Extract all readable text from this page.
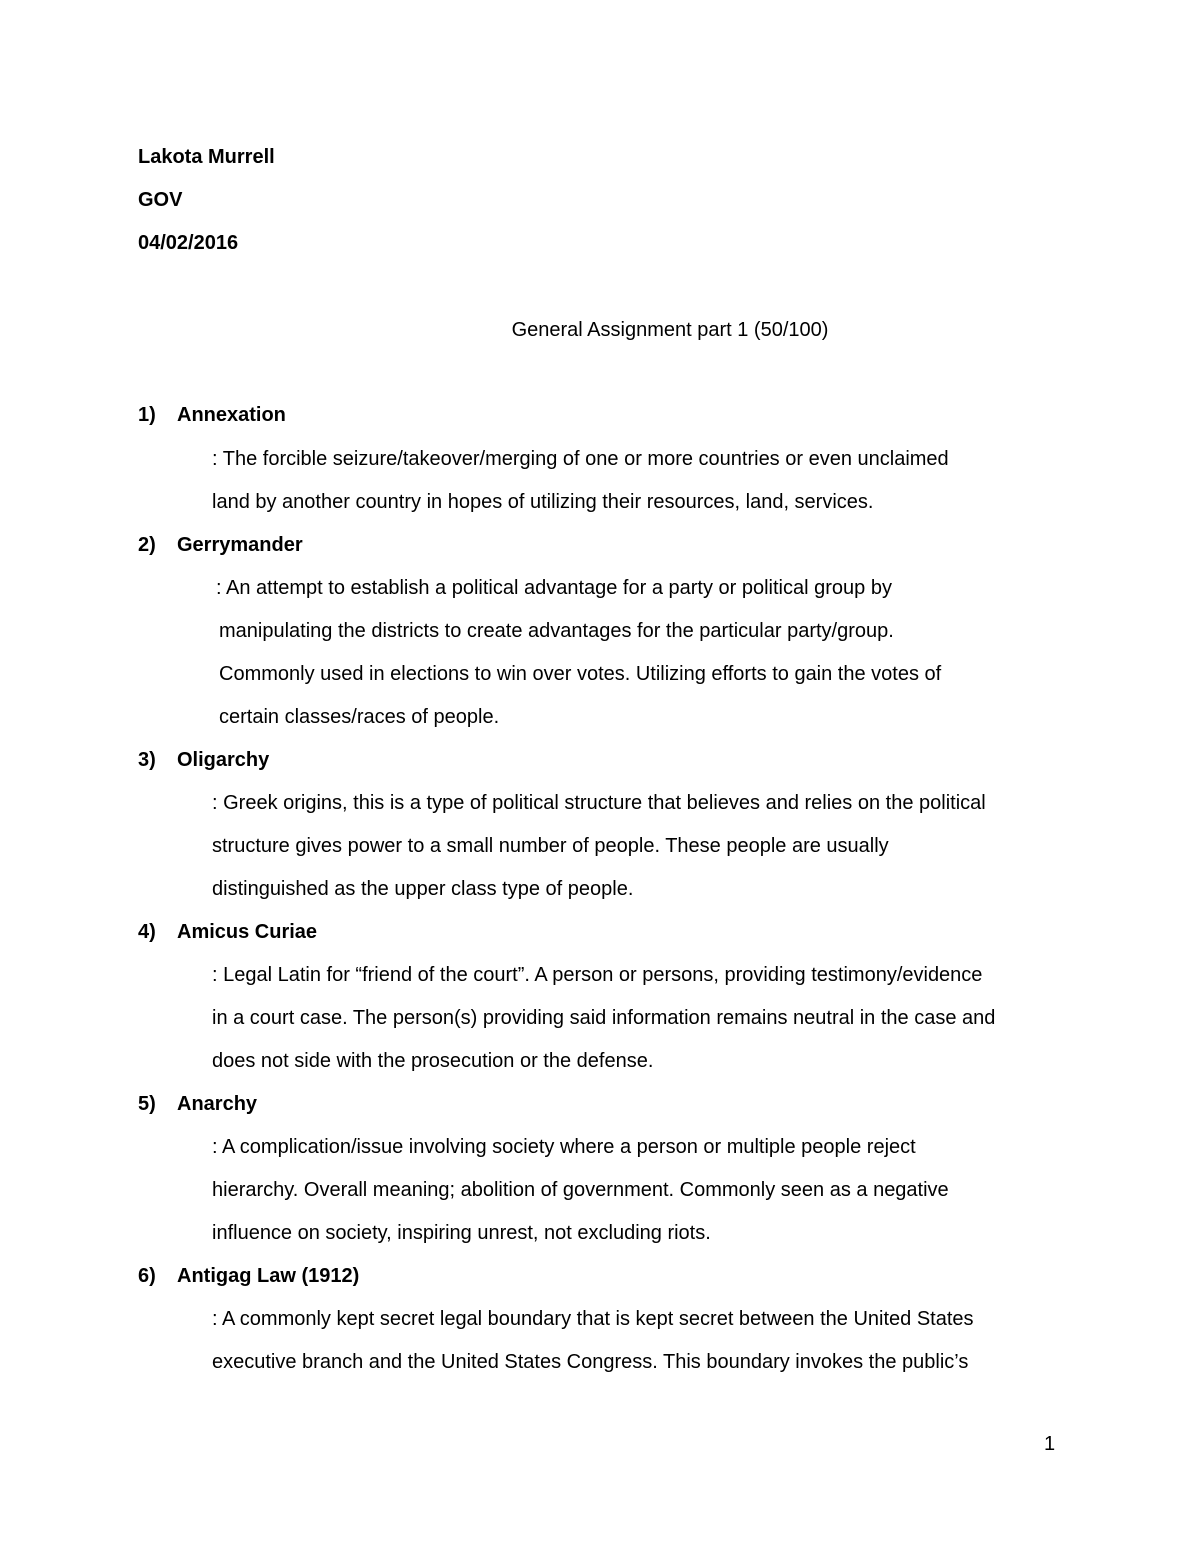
Lakota Murrell
GOV
04/02/2016
General Assignment part 1 (50/100)
1) Annexation
: The forcible seizure/takeover/merging of one or more countries or even unclaimed
land by another country in hopes of utilizing their resources, land, services.
2) Gerrymander
: An attempt to establish a political advantage for a party or political group by
manipulating the districts to create advantages for the particular party/group.
Commonly used in elections to win over votes. Utilizing efforts to gain the votes of
certain classes/races of people.
3) Oligarchy
: Greek origins, this is a type of political structure that believes and relies on the political
structure gives power to a small number of people. These people are usually
distinguished as the upper class type of people.
4) Amicus Curiae
: Legal Latin for “friend of the court”. A person or persons, providing testimony/evidence
in a court case. The person(s) providing said information remains neutral in the case and
does not side with the prosecution or the defense.
5) Anarchy
: A complication/issue involving society where a person or multiple people reject
hierarchy. Overall meaning; abolition of government. Commonly seen as a negative
influence on society, inspiring unrest, not excluding riots.
6) Antigag Law (1912)
: A commonly kept secret legal boundary that is kept secret between the United States
executive branch and the United States Congress. This boundary invokes the public’s
1
